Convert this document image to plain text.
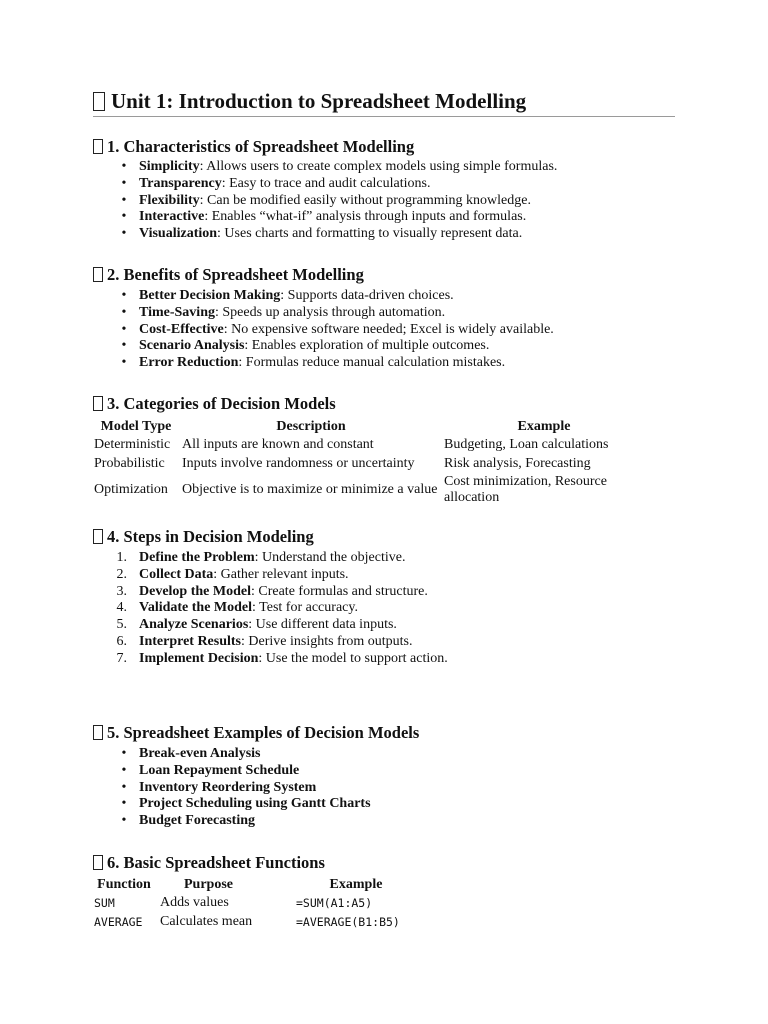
Unit 1: Introduction to Spreadsheet Modelling
1. Characteristics of Spreadsheet Modelling
• Simplicity: Allows users to create complex models using simple formulas.
• Transparency: Easy to trace and audit calculations.
• Flexibility: Can be modified easily without programming knowledge.
• Interactive: Enables “what-if” analysis through inputs and formulas.
• Visualization: Uses charts and formatting to visually represent data.
2. Benefits of Spreadsheet Modelling
• Better Decision Making: Supports data-driven choices.
• Time-Saving: Speeds up analysis through automation.
• Cost-Effective: No expensive software needed; Excel is widely available.
• Scenario Analysis: Enables exploration of multiple outcomes.
• Error Reduction: Formulas reduce manual calculation mistakes.
3. Categories of Decision Models
Model Type	Description	Example
Deterministic	All inputs are known and constant	Budgeting, Loan calculations
Probabilistic	Inputs involve randomness or uncertainty	Risk analysis, Forecasting
Optimization	Objective is to maximize or minimize a value	Cost minimization, Resource allocation
4. Steps in Decision Modeling
1. Define the Problem: Understand the objective.
2. Collect Data: Gather relevant inputs.
3. Develop the Model: Create formulas and structure.
4. Validate the Model: Test for accuracy.
5. Analyze Scenarios: Use different data inputs.
6. Interpret Results: Derive insights from outputs.
7. Implement Decision: Use the model to support action.
5. Spreadsheet Examples of Decision Models
• Break-even Analysis
• Loan Repayment Schedule
• Inventory Reordering System
• Project Scheduling using Gantt Charts
• Budget Forecasting
6. Basic Spreadsheet Functions
Function	Purpose	Example
SUM	Adds values	=SUM(A1:A5)
AVERAGE	Calculates mean	=AVERAGE(B1:B5)
